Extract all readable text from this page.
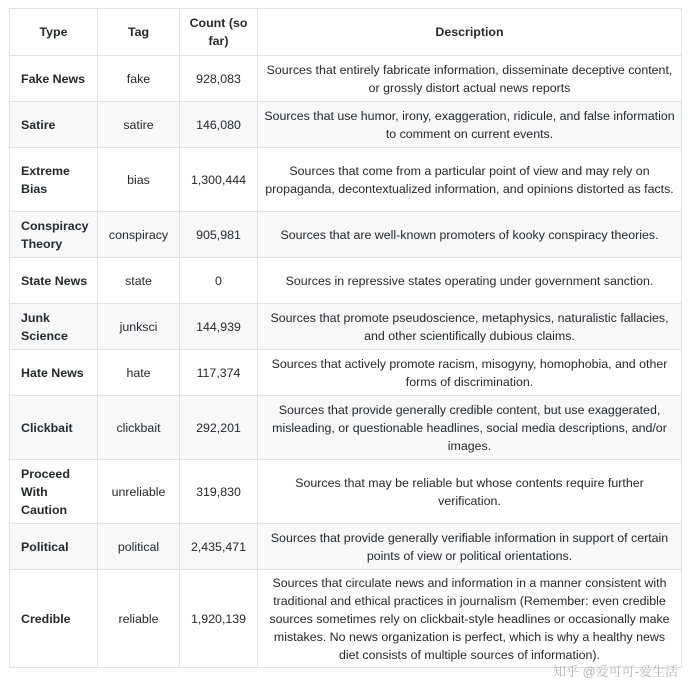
Type	Tag	Count (so far)	Description
Fake News	fake	928,083	Sources that entirely fabricate information, disseminate deceptive content, or grossly distort actual news reports
Satire	satire	146,080	Sources that use humor, irony, exaggeration, ridicule, and false information to comment on current events.
Extreme Bias	bias	1,300,444	Sources that come from a particular point of view and may rely on propaganda, decontextualized information, and opinions distorted as facts.
Conspiracy Theory	conspiracy	905,981	Sources that are well-known promoters of kooky conspiracy theories.
State News	state	0	Sources in repressive states operating under government sanction.
Junk Science	junksci	144,939	Sources that promote pseudoscience, metaphysics, naturalistic fallacies, and other scientifically dubious claims.
Hate News	hate	117,374	Sources that actively promote racism, misogyny, homophobia, and other forms of discrimination.
Clickbait	clickbait	292,201	Sources that provide generally credible content, but use exaggerated, misleading, or questionable headlines, social media descriptions, and/or images.
Proceed With Caution	unreliable	319,830	Sources that may be reliable but whose contents require further verification.
Political	political	2,435,471	Sources that provide generally verifiable information in support of certain points of view or political orientations.
Credible	reliable	1,920,139	Sources that circulate news and information in a manner consistent with traditional and ethical practices in journalism (Remember: even credible sources sometimes rely on clickbait-style headlines or occasionally make mistakes. No news organization is perfect, which is why a healthy news diet consists of multiple sources of information).
知乎 @爱可可-爱生活
